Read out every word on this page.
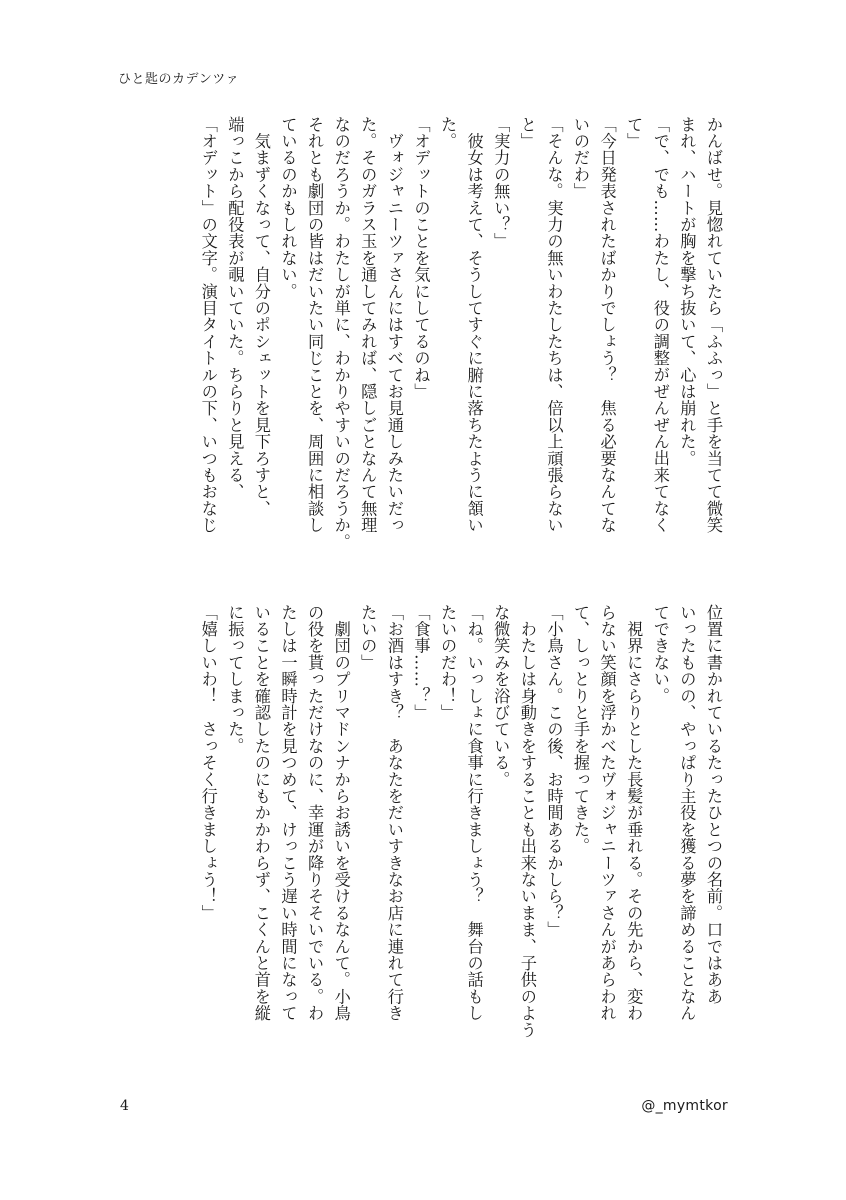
ひと匙のカデンツァ
かんばせ。見惚れていたら「ふふっ」と手を当てて微笑
まれ、ハートが胸を撃ち抜いて、心は崩れた。
「で、でも……わたし、役の調整がぜんぜん出来てなく
て」
「今日発表されたばかりでしょう？　焦る必要なんてな
いのだわ」
「そんな。実力の無いわたしたちは、倍以上頑張らない
と」
「実力の無い？」
　彼女は考えて、そうしてすぐに腑に落ちたように頷い
た。
「オデットのことを気にしてるのね」
　ヴォジャニーツァさんにはすべてお見通しみたいだっ
た。そのガラス玉を通してみれば、隠しごとなんて無理
なのだろうか。わたしが単に、わかりやすいのだろうか。
それとも劇団の皆はだいたい同じことを、周囲に相談し
ているのかもしれない。
　気まずくなって、自分のポシェットを見下ろすと、
端っこから配役表が覗いていた。ちらりと見える、
「オデット」の文字。演目タイトルの下、いつもおなじ
位置に書かれているたったひとつの名前。口ではああ
いったものの、やっぱり主役を獲る夢を諦めることなん
てできない。
　視界にさらりとした長髪が垂れる。その先から、変わ
らない笑顔を浮かべたヴォジャニーツァさんがあらわれ
て、しっとりと手を握ってきた。
「小鳥さん。この後、お時間あるかしら？」
　わたしは身動きをすることも出来ないまま、子供のよう
な微笑みを浴びている。
「ね。いっしょに食事に行きましょう？　舞台の話もし
たいのだわ！」
「食事……？」
「お酒はすき？　あなたをだいすきなお店に連れて行き
たいの」
　劇団のプリマドンナからお誘いを受けるなんて。小鳥
の役を貰っただけなのに、幸運が降りそそいでいる。わ
たしは一瞬時計を見つめて、けっこう遅い時間になって
いることを確認したのにもかかわらず、こくんと首を縦
に振ってしまった。
「嬉しいわ！　さっそく行きましょう！」
4	@_mymtkor
